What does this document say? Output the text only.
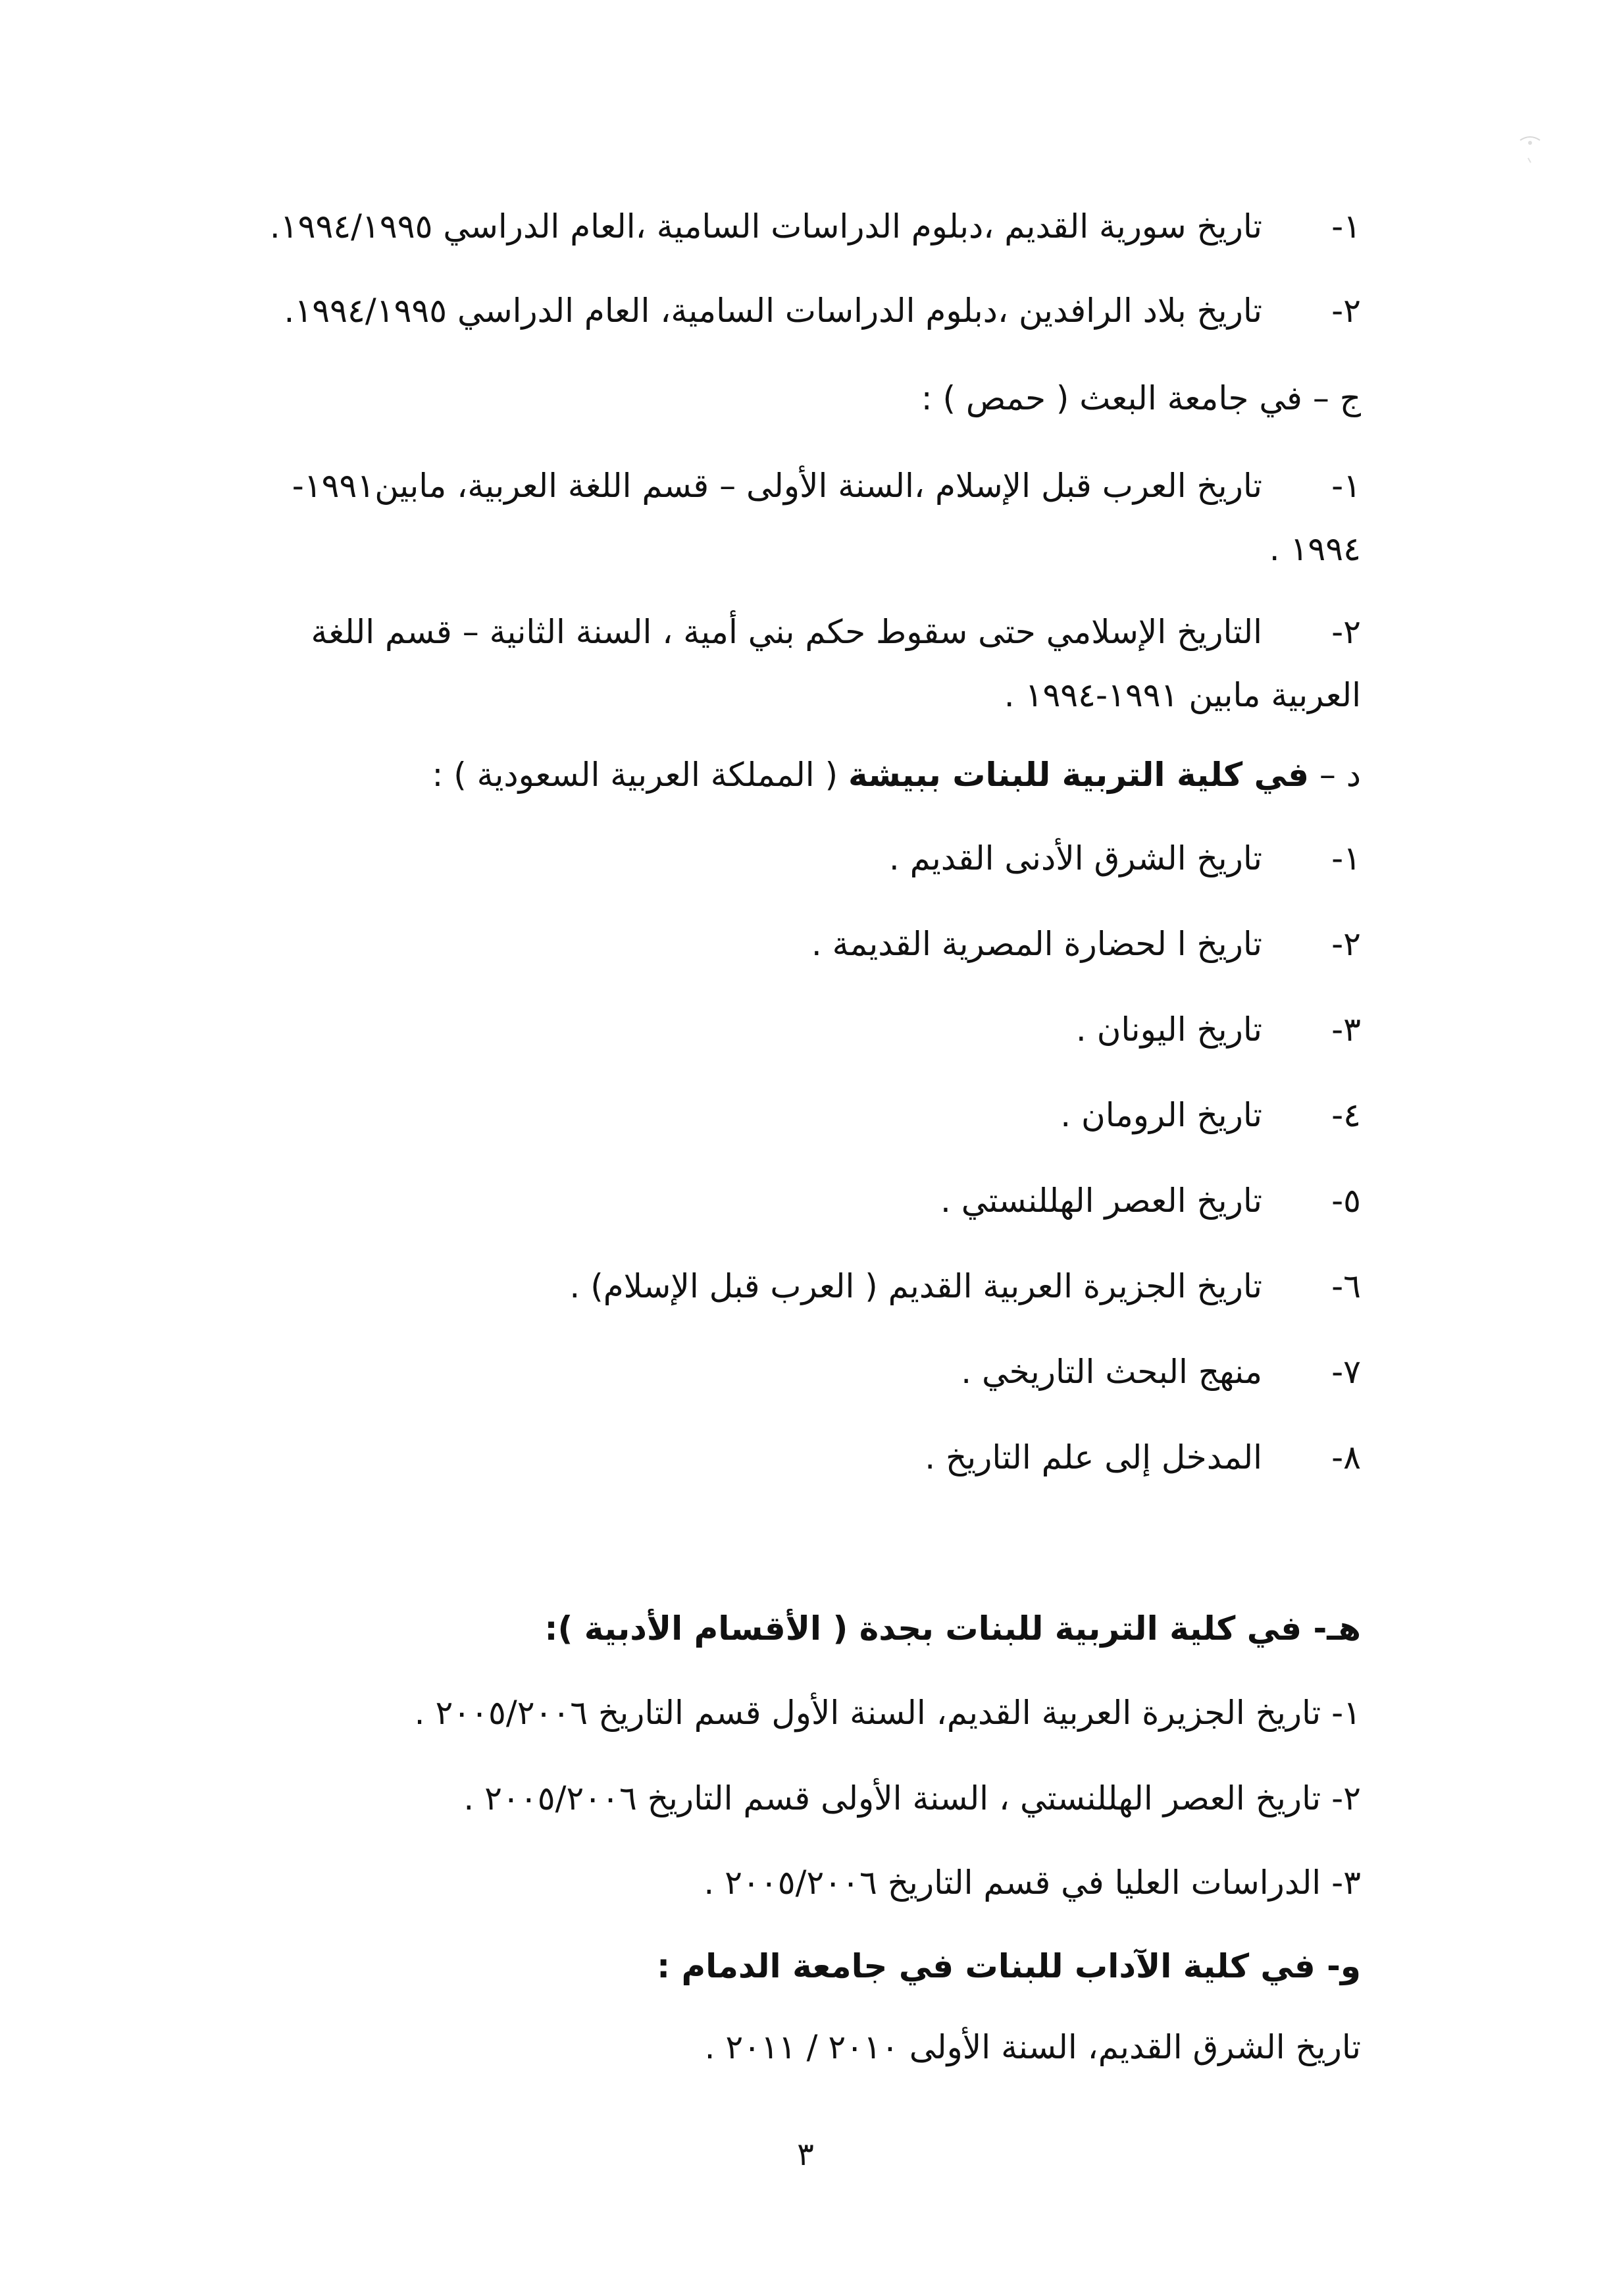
١-تاريخ سورية القديم ،دبلوم الدراسات السامية ،العام الدراسي ١٩٩٤/١٩٩٥.
٢-تاريخ بلاد الرافدين ،دبلوم الدراسات السامية، العام الدراسي ١٩٩٤/١٩٩٥.
ج – في جامعة البعث ( حمص ) :
١-تاريخ العرب قبل الإسلام ،السنة الأولى – قسم اللغة العربية، مابين١٩٩١- ١٩٩٤ .
٢-التاريخ الإسلامي حتى سقوط حكم بني أمية ، السنة الثانية – قسم اللغة العربية مابين ١٩٩١-١٩٩٤ .
د – في كلية التربية للبنات ببيشة ( المملكة العربية السعودية ) :
١-تاريخ الشرق الأدنى القديم .
٢-تاريخ ا لحضارة المصرية القديمة .
٣-تاريخ اليونان .
٤-تاريخ الرومان .
٥-تاريخ العصر الهللنستي .
٦-تاريخ الجزيرة العربية القديم ( العرب قبل الإسلام) .
٧-منهج البحث التاريخي .
٨-المدخل إلى علم التاريخ .
هـ- في كلية التربية للبنات بجدة ( الأقسام الأدبية ):
١- تاريخ الجزيرة العربية القديم، السنة الأول قسم التاريخ ٢٠٠٥/٢٠٠٦ .
٢- تاريخ العصر الهللنستي ، السنة الأولى قسم التاريخ ٢٠٠٥/٢٠٠٦ .
٣- الدراسات العليا في قسم التاريخ ٢٠٠٥/٢٠٠٦ .
و- في كلية الآداب للبنات في جامعة الدمام :
تاريخ الشرق القديم، السنة الأولى ٢٠١٠ / ٢٠١١ .
٣
